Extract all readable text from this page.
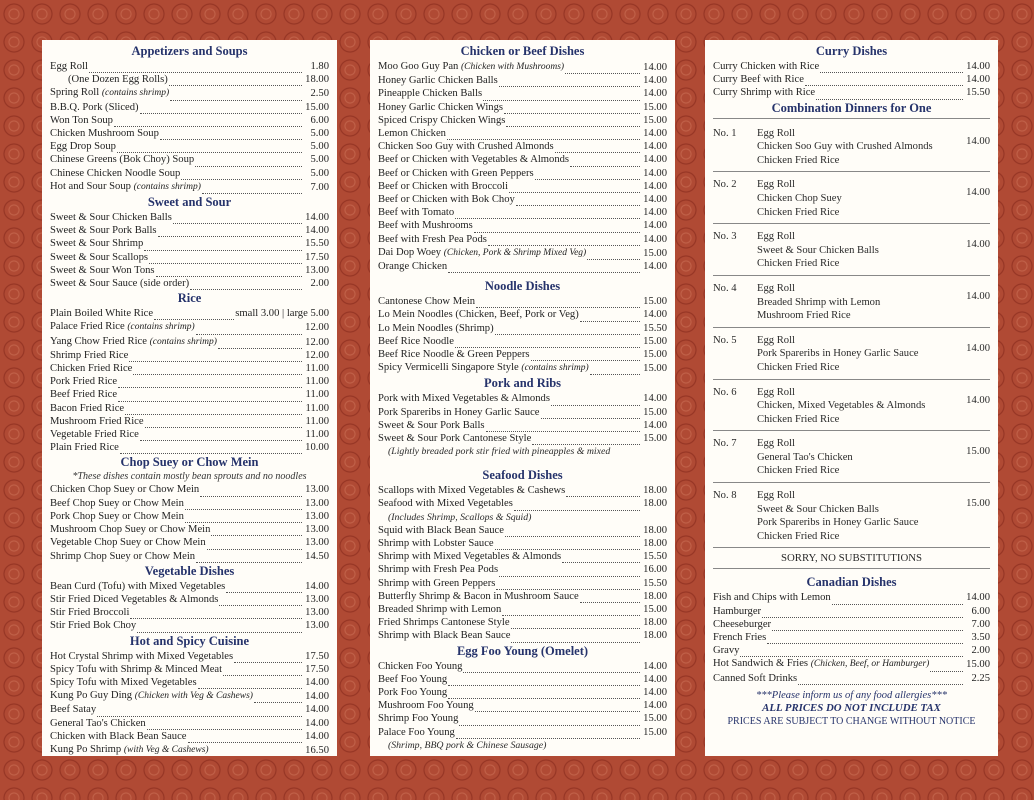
Appetizers and Soups
Egg Roll	1.80
(One Dozen Egg Rolls)	18.00
Spring Roll (contains shrimp)	2.50
B.B.Q. Pork (Sliced)	15.00
Won Ton Soup	6.00
Chicken Mushroom Soup	5.00
Egg Drop Soup	5.00
Chinese Greens (Bok Choy) Soup	5.00
Chinese Chicken Noodle Soup	5.00
Hot and Sour Soup (contains shrimp)	7.00
Sweet and Sour
Sweet & Sour Chicken Balls	14.00
Sweet & Sour Pork Balls	14.00
Sweet & Sour Shrimp	15.50
Sweet & Sour Scallops	17.50
Sweet & Sour Won Tons	13.00
Sweet & Sour Sauce (side order)	2.00
Rice
Plain Boiled White Rice	small 3.00 | large 5.00
Palace Fried Rice (contains shrimp)	12.00
Yang Chow Fried Rice (contains shrimp)	12.00
Shrimp Fried Rice	12.00
Chicken Fried Rice	11.00
Pork Fried Rice	11.00
Beef Fried Rice	11.00
Bacon Fried Rice	11.00
Mushroom Fried Rice	11.00
Vegetable Fried Rice	11.00
Plain Fried Rice	10.00
Chop Suey or Chow Mein
*These dishes contain mostly bean sprouts and no noodles
Chicken Chop Suey or Chow Mein	13.00
Beef Chop Suey or Chow Mein	13.00
Pork Chop Suey or Chow Mein	13.00
Mushroom Chop Suey or Chow Mein	13.00
Vegetable Chop Suey or Chow Mein	13.00
Shrimp Chop Suey or Chow Mein	14.50
Vegetable Dishes
Bean Curd (Tofu) with Mixed Vegetables	14.00
Stir Fried Diced Vegetables & Almonds	13.00
Stir Fried Broccoli	13.00
Stir Fried Bok Choy	13.00
Hot and Spicy Cuisine
Hot Crystal Shrimp with Mixed Vegetables	17.50
Spicy Tofu with Shrimp & Minced Meat	17.50
Spicy Tofu with Mixed Vegetables	14.00
Kung Po Guy Ding (Chicken with Veg & Cashews)	14.00
Beef Satay	14.00
General Tao's Chicken	14.00
Chicken with Black Bean Sauce	14.00
Kung Po Shrimp (with Veg & Cashews)	16.50
Chicken or Beef Dishes
Moo Goo Guy Pan (Chicken with Mushrooms)	14.00
Honey Garlic Chicken Balls	14.00
Pineapple Chicken Balls	14.00
Honey Garlic Chicken Wings	15.00
Spiced Crispy Chicken Wings	15.00
Lemon Chicken	14.00
Chicken Soo Guy with Crushed Almonds	14.00
Beef or Chicken with Vegetables & Almonds	14.00
Beef or Chicken with Green Peppers	14.00
Beef or Chicken with Broccoli	14.00
Beef or Chicken with Bok Choy	14.00
Beef with Tomato	14.00
Beef with Mushrooms	14.00
Beef with Fresh Pea Pods	14.00
Dai Dop Woey (Chicken, Pork & Shrimp Mixed Veg)	15.00
Orange Chicken	14.00
Noodle Dishes
Cantonese Chow Mein	15.00
Lo Mein Noodles (Chicken, Beef, Pork or Veg)	14.00
Lo Mein Noodles (Shrimp)	15.50
Beef Rice Noodle	15.00
Beef Rice Noodle & Green Peppers	15.00
Spicy Vermicelli Singapore Style (contains shrimp)	15.00
Pork and Ribs
Pork with Mixed Vegetables & Almonds	14.00
Pork Spareribs in Honey Garlic Sauce	15.00
Sweet & Sour Pork Balls	14.00
Sweet & Sour Pork Cantonese Style	15.00
(Lightly breaded pork stir fried with pineapples & mixed
Seafood Dishes
Scallops with Mixed Vegetables & Cashews	18.00
Seafood with Mixed Vegetables	18.00
(Includes Shrimp, Scallops & Squid)
Squid with Black Bean Sauce	18.00
Shrimp with Lobster Sauce	18.00
Shrimp with Mixed Vegetables & Almonds	15.50
Shrimp with Fresh Pea Pods	16.00
Shrimp with Green Peppers	15.50
Butterfly Shrimp & Bacon in Mushroom Sauce	18.00
Breaded Shrimp with Lemon	15.00
Fried Shrimps Cantonese Style	18.00
Shrimp with Black Bean Sauce	18.00
Egg Foo Young (Omelet)
Chicken Foo Young	14.00
Beef Foo Young	14.00
Pork Foo Young	14.00
Mushroom Foo Young	14.00
Shrimp Foo Young	15.00
Palace Foo Young	15.00
(Shrimp, BBQ pork & Chinese Sausage)
Curry Dishes
Curry Chicken with Rice	14.00
Curry Beef with Rice	14.00
Curry Shrimp with Rice	15.50
Combination Dinners for One
No. 1	Egg Roll
Chicken Soo Guy with Crushed Almonds
Chicken Fried Rice
14.00
No. 2	Egg Roll
Chicken Chop Suey
Chicken Fried Rice
14.00
No. 3	Egg Roll
Sweet & Sour Chicken Balls
Chicken Fried Rice
14.00
No. 4	Egg Roll
Breaded Shrimp with Lemon
Mushroom Fried Rice
14.00
No. 5	Egg Roll
Pork Spareribs in Honey Garlic Sauce
Chicken Fried Rice
14.00
No. 6	Egg Roll
Chicken, Mixed Vegetables & Almonds
Chicken Fried Rice
14.00
No. 7	Egg Roll
General Tao's Chicken
Chicken Fried Rice
15.00
No. 8	Egg Roll
Sweet & Sour Chicken Balls
Pork Spareribs in Honey Garlic Sauce
Chicken Fried Rice
15.00
SORRY, NO SUBSTITUTIONS
Canadian Dishes
Fish and Chips with Lemon	14.00
Hamburger	6.00
Cheeseburger	7.00
French Fries	3.50
Gravy	2.00
Hot Sandwich & Fries (Chicken, Beef, or Hamburger)	15.00
Canned Soft Drinks	2.25
***Please inform us of any food allergies***
ALL PRICES DO NOT INCLUDE TAX
PRICES ARE SUBJECT TO CHANGE WITHOUT NOTICE
